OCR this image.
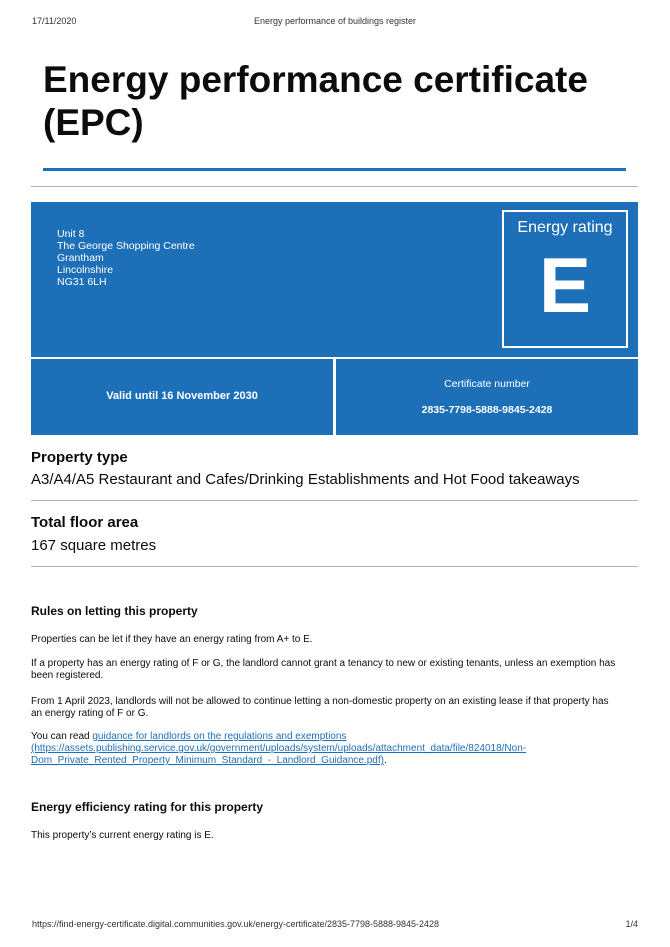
17/11/2020	Energy performance of buildings register
Energy performance certificate (EPC)
Unit 8
The George Shopping Centre
Grantham
Lincolnshire
NG31 6LH
Energy rating
E
Valid until 16 November 2030
Certificate number
2835-7798-5888-9845-2428
Property type

A3/A4/A5 Restaurant and Cafes/Drinking Establishments and Hot Food takeaways

Total floor area

167 square metres

Rules on letting this property

Properties can be let if they have an energy rating from A+ to E.

If a property has an energy rating of F or G, the landlord cannot grant a tenancy to new or existing tenants, unless an exemption has been registered.

From 1 April 2023, landlords will not be allowed to continue letting a non-domestic property on an existing lease if that property has an energy rating of F or G.

You can read guidance for landlords on the regulations and exemptions
(https://assets.publishing.service.gov.uk/government/uploads/system/uploads/attachment_data/file/824018/Non-Dom_Private_Rented_Property_Minimum_Standard_-_Landlord_Guidance.pdf).

Energy efficiency rating for this property

This property’s current energy rating is E.

https://find-energy-certificate.digital.communities.gov.uk/energy-certificate/2835-7798-5888-9845-2428	1/4
